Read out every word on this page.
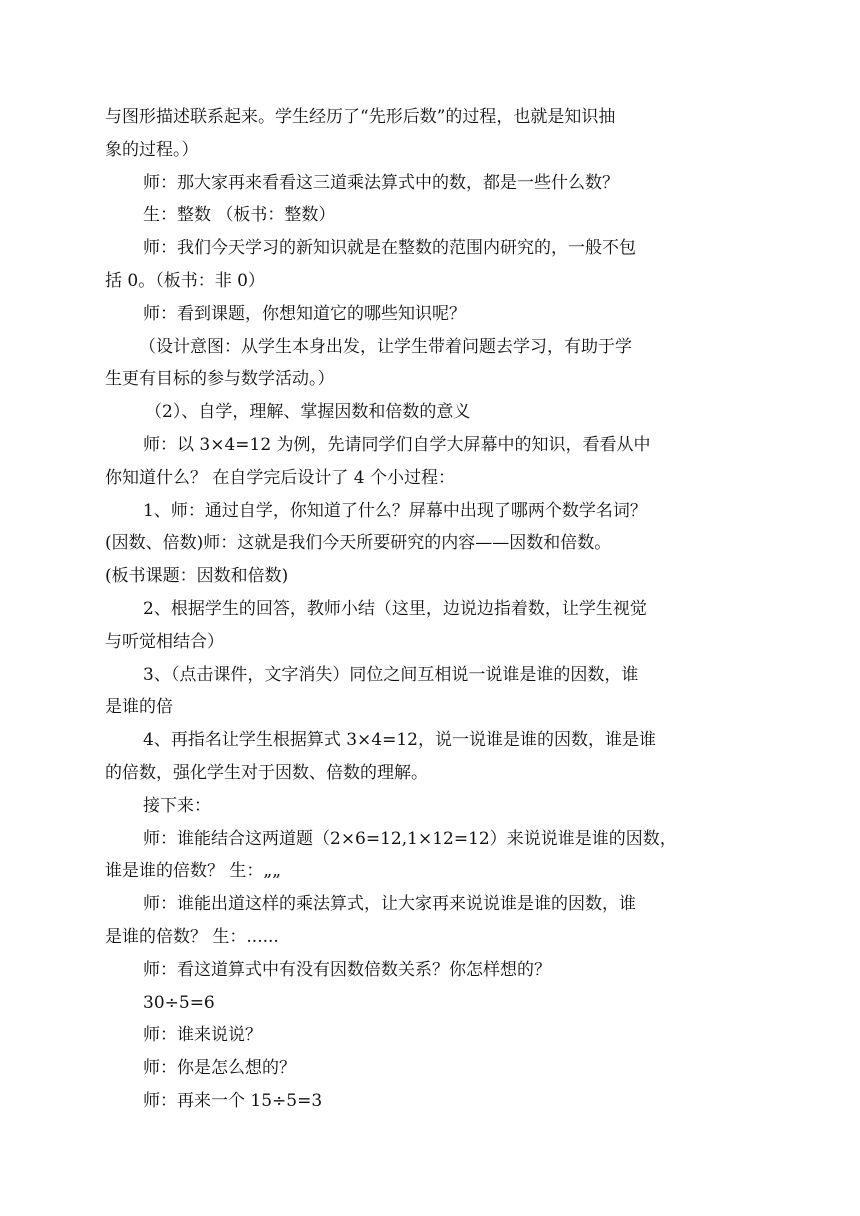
与图形描述联系起来。学生经历了“先形后数”的过程，也就是知识抽
象的过程。）
师：那大家再来看看这三道乘法算式中的数，都是一些什么数？
生：整数 （板书：整数）
师：我们今天学习的新知识就是在整数的范围内研究的，一般不包
括 0。（板书：非 0）
师：看到课题，你想知道它的哪些知识呢？
（设计意图：从学生本身出发，让学生带着问题去学习，有助于学
生更有目标的参与数学活动。）
（2）、自学，理解、掌握因数和倍数的意义
师：以 3×4=12 为例，先请同学们自学大屏幕中的知识，看看从中
你知道什么？ 在自学完后设计了 4 个小过程：
1、师：通过自学，你知道了什么？屏幕中出现了哪两个数学名词？
(因数、倍数)师：这就是我们今天所要研究的内容——因数和倍数。
(板书课题：因数和倍数)
2、根据学生的回答，教师小结（这里，边说边指着数，让学生视觉
与听觉相结合）
3、（点击课件，文字消失）同位之间互相说一说谁是谁的因数，谁
是谁的倍
4、再指名让学生根据算式 3×4=12，说一说谁是谁的因数，谁是谁
的倍数，强化学生对于因数、倍数的理解。
接下来：
师：谁能结合这两道题（2×6=12,1×12=12）来说说谁是谁的因数，
谁是谁的倍数？ 生：„„
师：谁能出道这样的乘法算式，让大家再来说说谁是谁的因数，谁
是谁的倍数？ 生：......
师：看这道算式中有没有因数倍数关系？你怎样想的？
30÷5=6
师：谁来说说？
师：你是怎么想的？
师：再来一个 15÷5=3
